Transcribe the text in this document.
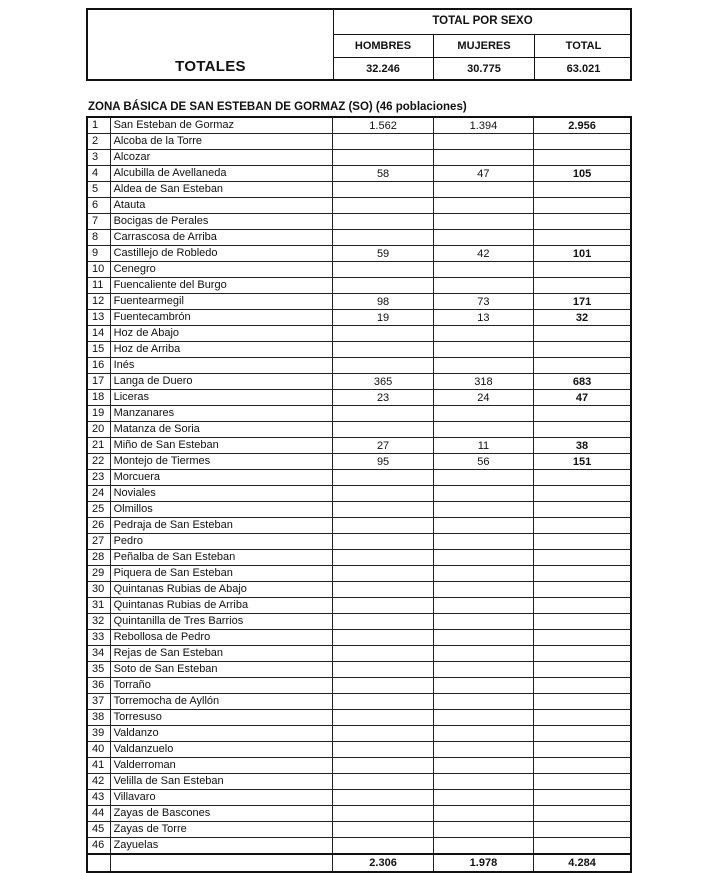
TOTAL POR SEXO
HOMBRES	MUJERES	TOTAL
TOTALES	32.246	30.775	63.021
ZONA BÁSICA DE SAN ESTEBAN DE GORMAZ (SO) (46 poblaciones)
1	San Esteban de Gormaz	1.562	1.394	2.956
2	Alcoba de la Torre			
3	Alcozar			
4	Alcubilla de Avellaneda	58	47	105
5	Aldea de San Esteban			
6	Atauta			
7	Bocigas de Perales			
8	Carrascosa de Arriba			
9	Castillejo de Robledo	59	42	101
10	Cenegro			
11	Fuencaliente del Burgo			
12	Fuentearmegil	98	73	171
13	Fuentecambrón	19	13	32
14	Hoz de Abajo			
15	Hoz de Arriba			
16	Inés			
17	Langa de Duero	365	318	683
18	Liceras	23	24	47
19	Manzanares			
20	Matanza de Soria			
21	Miño de San Esteban	27	11	38
22	Montejo de Tiermes	95	56	151
23	Morcuera			
24	Noviales			
25	Olmillos			
26	Pedraja de San Esteban			
27	Pedro			
28	Peñalba de San Esteban			
29	Piquera de San Esteban			
30	Quintanas Rubias de Abajo			
31	Quintanas Rubias de Arriba			
32	Quintanilla de Tres Barrios			
33	Rebollosa de Pedro			
34	Rejas de San Esteban			
35	Soto de San Esteban			
36	Torraño			
37	Torremocha de Ayllón			
38	Torresuso			
39	Valdanzo			
40	Valdanzuelo			
41	Valderroman			
42	Velilla de San Esteban			
43	Villavaro			
44	Zayas de Bascones			
45	Zayas de Torre			
46	Zayuelas			
		2.306	1.978	4.284
